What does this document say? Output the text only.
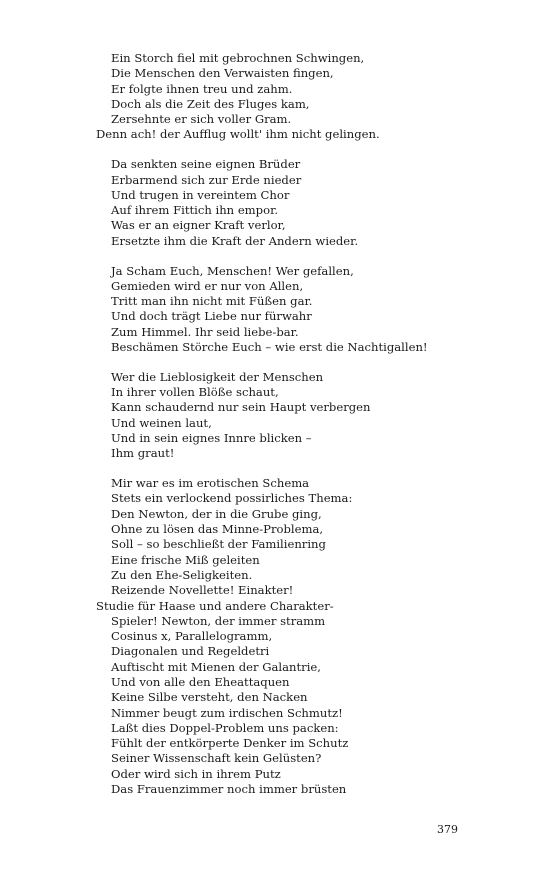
Ein Storch fiel mit gebrochnen Schwingen,
Die Menschen den Verwaisten fingen,
Er folgte ihnen treu und zahm.
Doch als die Zeit des Fluges kam,
Zersehnte er sich voller Gram.
Denn ach! der Aufflug wollt' ihm nicht gelingen.
Da senkten seine eignen Brüder
Erbarmend sich zur Erde nieder
Und trugen in vereintem Chor
Auf ihrem Fittich ihn empor.
Was er an eigner Kraft verlor,
Ersetzte ihm die Kraft der Andern wieder.
Ja Scham Euch, Menschen! Wer gefallen,
Gemieden wird er nur von Allen,
Tritt man ihn nicht mit Füßen gar.
Und doch trägt Liebe nur fürwahr
Zum Himmel. Ihr seid liebe-bar.
Beschämen Störche Euch – wie erst die Nachtigallen!
Wer die Lieblosigkeit der Menschen
In ihrer vollen Blöße schaut,
Kann schaudernd nur sein Haupt verbergen
Und weinen laut,
Und in sein eignes Innre blicken –
Ihm graut!
Mir war es im erotischen Schema
Stets ein verlockend possirliches Thema:
Den Newton, der in die Grube ging,
Ohne zu lösen das Minne-Problema,
Soll – so beschließt der Familienring
Eine frische Miß geleiten
Zu den Ehe-Seligkeiten.
Reizende Novellette! Einakter!
Studie für Haase und andere Charakter-
Spieler! Newton, der immer stramm
Cosinus x, Parallelogramm,
Diagonalen und Regeldetri
Auftischt mit Mienen der Galantrie,
Und von alle den Eheattaquen
Keine Silbe versteht, den Nacken
Nimmer beugt zum irdischen Schmutz!
Laßt dies Doppel-Problem uns packen:
Fühlt der entkörperte Denker im Schutz
Seiner Wissenschaft kein Gelüsten?
Oder wird sich in ihrem Putz
Das Frauenzimmer noch immer brüsten
379
